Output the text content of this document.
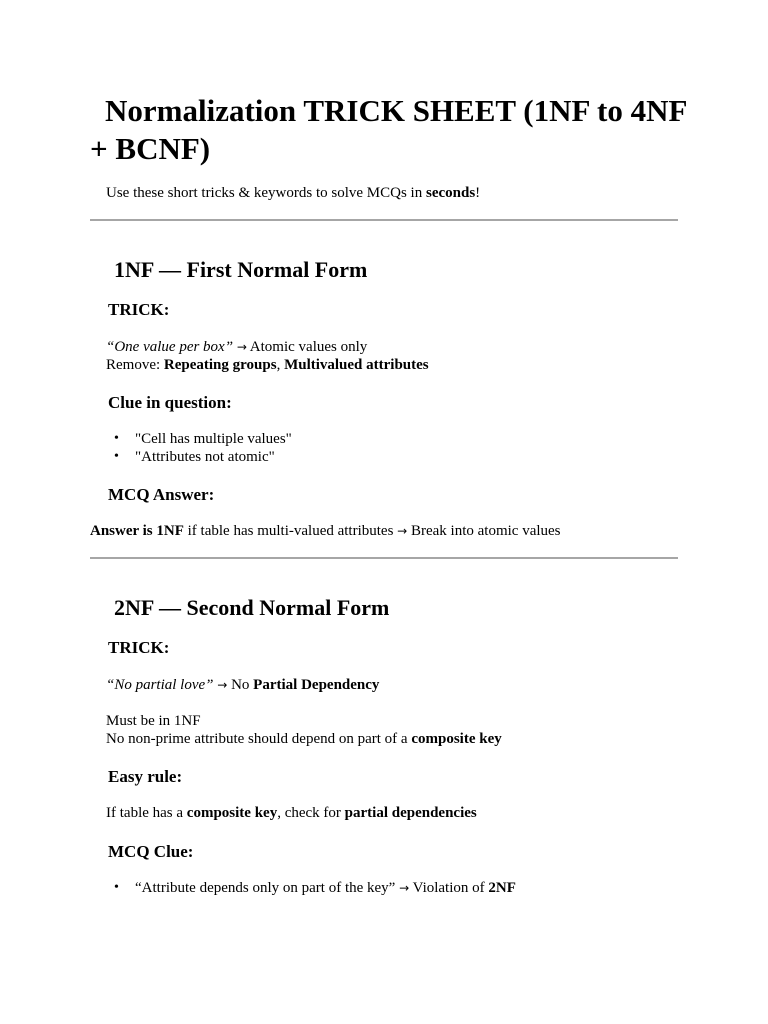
Normalization TRICK SHEET (1NF to 4NF + BCNF)

Use these short tricks & keywords to solve MCQs in seconds!

1NF — First Normal Form
TRICK:

“One value per box” → Atomic values only

Remove: Repeating groups, Multivalued attributes

Clue in question:
• "Cell has multiple values"
• "Attributes not atomic"
MCQ Answer:

Answer is 1NF if table has multi-valued attributes → Break into atomic values

2NF — Second Normal Form
TRICK:

“No partial love” → No Partial Dependency

Must be in 1NF

No non-prime attribute should depend on part of a composite key

Easy rule:

If table has a composite key, check for partial dependencies

MCQ Clue:
• “Attribute depends only on part of the key” → Violation of 2NF
